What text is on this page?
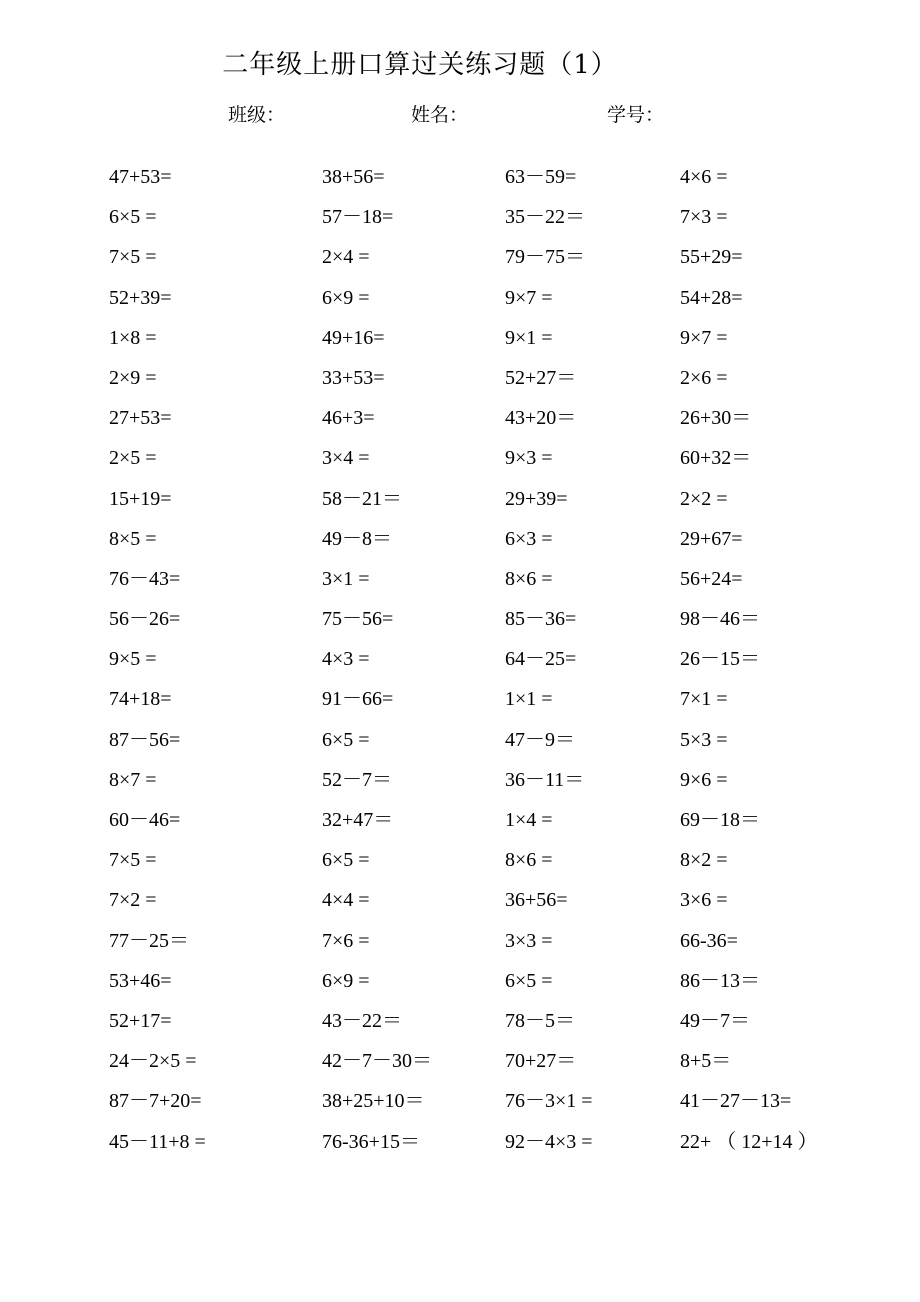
二年级上册口算过关练习题（1）
班级：	姓名：	学号：
47+53=	38+56=	63－59=	4×6 =
6×5 =	57－18=	35－22＝	7×3 =
7×5 =	2×4 =	79－75＝	55+29=
52+39=	6×9 =	9×7 =	54+28=
1×8 =	49+16=	9×1 =	9×7 =
2×9 =	33+53=	52+27＝	2×6 =
27+53=	46+3=	43+20＝	26+30＝
2×5 =	3×4 =	9×3 =	60+32＝
15+19=	58－21＝	29+39=	2×2 =
8×5 =	49－8＝	6×3 =	29+67=
76－43=	3×1 =	8×6 =	56+24=
56－26=	75－56=	85－36=	98－46＝
9×5 =	4×3 =	64－25=	26－15＝
74+18=	91－66=	1×1 =	7×1 =
87－56=	6×5 =	47－9＝	5×3 =
8×7 =	52－7＝	36－11＝	9×6 =
60－46=	32+47＝	1×4 =	69－18＝
7×5 =	6×5 =	8×6 =	8×2 =
7×2 =	4×4 =	36+56=	3×6 =
77－25＝	7×6 =	3×3 =	66-36=
53+46=	6×9 =	6×5 =	86－13＝
52+17=	43－22＝	78－5＝	49－7＝
24－2×5 =	42－7－30＝	70+27＝	8+5＝
87－7+20=	38+25+10＝	76－3×1 =	41－27－13=
45－11+8 =	76-36+15＝	92－4×3 =	22+ （ 12+14 ）
